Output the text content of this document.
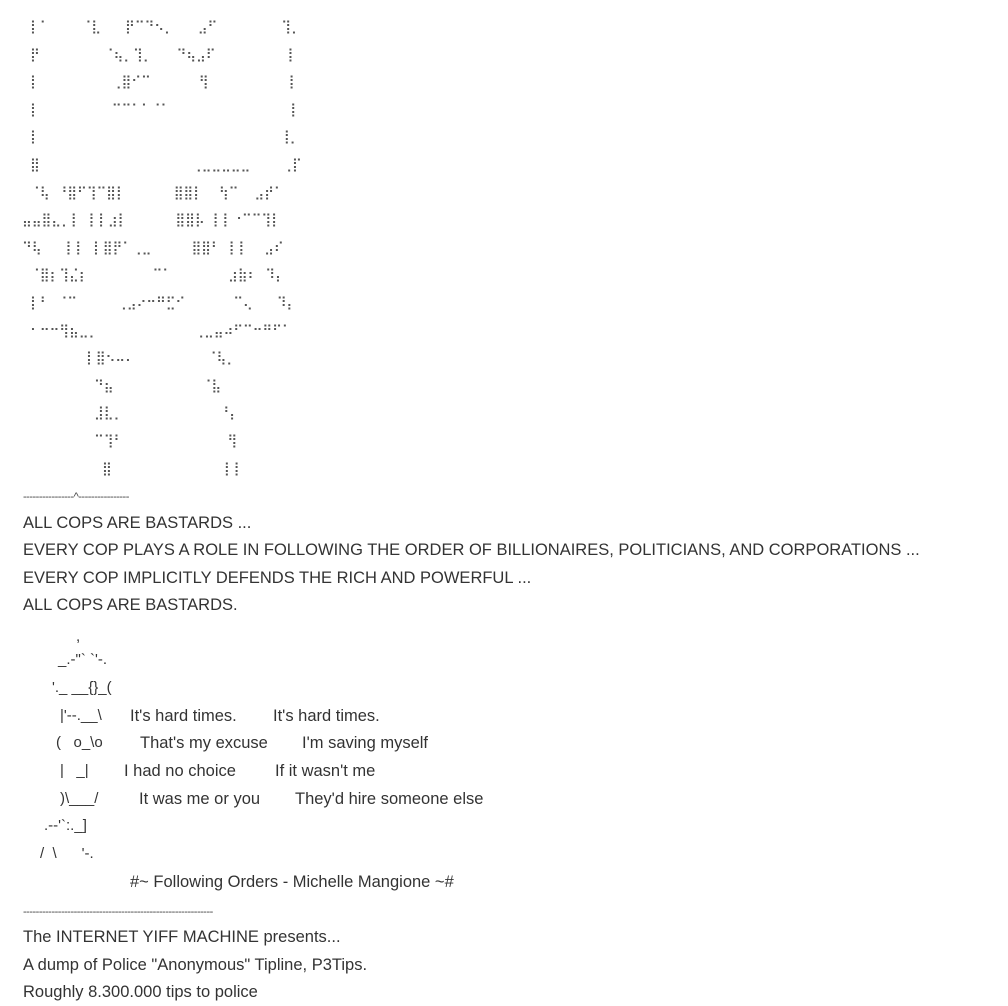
⡇⠁    ⠈⣇   ⡟⠉⠙⠢⡀   ⣠⠋        ⢹⡀
⡟        ⠈⢦⡀⢹⡀   ⠙⢦⣠⠏         ⡇
⡇         ⢀⣿⠊⠉      ⢻          ⡇
⡇         ⠉⠉⠁⠁⠈⠁               ⡇
⡇                              ⢸⡀
⣿                   ⢀⣀⣀⣀⣀⣀    ⢀⡏
⠈⢧ ⠘⣿⠋⢹⠉⣿⡇      ⣿⣿⡇  ⢳⠉  ⣠⡞⠁
⣤⣤⣿⣄⡀⡇ ⡇⡇⣰⡇      ⣿⣿⡧ ⡇⡇⠐⠉⠉⢹⡇
⠙⢧   ⡇⡇ ⡇⣿⡟⠁⢀⣀     ⣿⣿⠃ ⡇⡇  ⣠⠎
⠈⣿⡆⢹⣌⡆        ⠉⠁       ⣰⣷⠆ ⠹⡄
⡇⠃ ⠈⠉     ⢀⣠⠔⠒⠛⣋⠊      ⠉⢄   ⠹⡄
⠂⠒⠒⢻⣦⣀⡀            ⢀⣀⣤⠴⠋⠉⠒⠛⠋⠁
⡇⣿⠢⠤⠄         ⠈⢧⡀
⠙⣦           ⠈⣧
⣸⣇⡀            ⠘⡄
⠉⢹⠃             ⢻
⣿              ⡇⡇
----------------^----------------
ALL COPS ARE BASTARDS ...
EVERY COP PLAYS A ROLE IN FOLLOWING THE ORDER OF BILLIONAIRES, POLITICIANS, AND CORPORATIONS ...
EVERY COP IMPLICITLY DEFENDS THE RICH AND POWERFUL ...
ALL COPS ARE BASTARDS.
,
_.-"` `'-.
'._ __{}_(
|'--.__\
(   o_\o
|   _|
)\___/
.--'`:._]
/  \      '-.
It's hard times. It's hard times.
That's my excuse I'm saving myself
I had no choice If it wasn't me
It was me or you They'd hire someone else
#~ Following Orders - Michelle Mangione ~#
------------------------------------------------------------
The INTERNET YIFF MACHINE presents...
A dump of Police "Anonymous" Tipline, P3Tips.
Roughly 8.300.000 tips to police
